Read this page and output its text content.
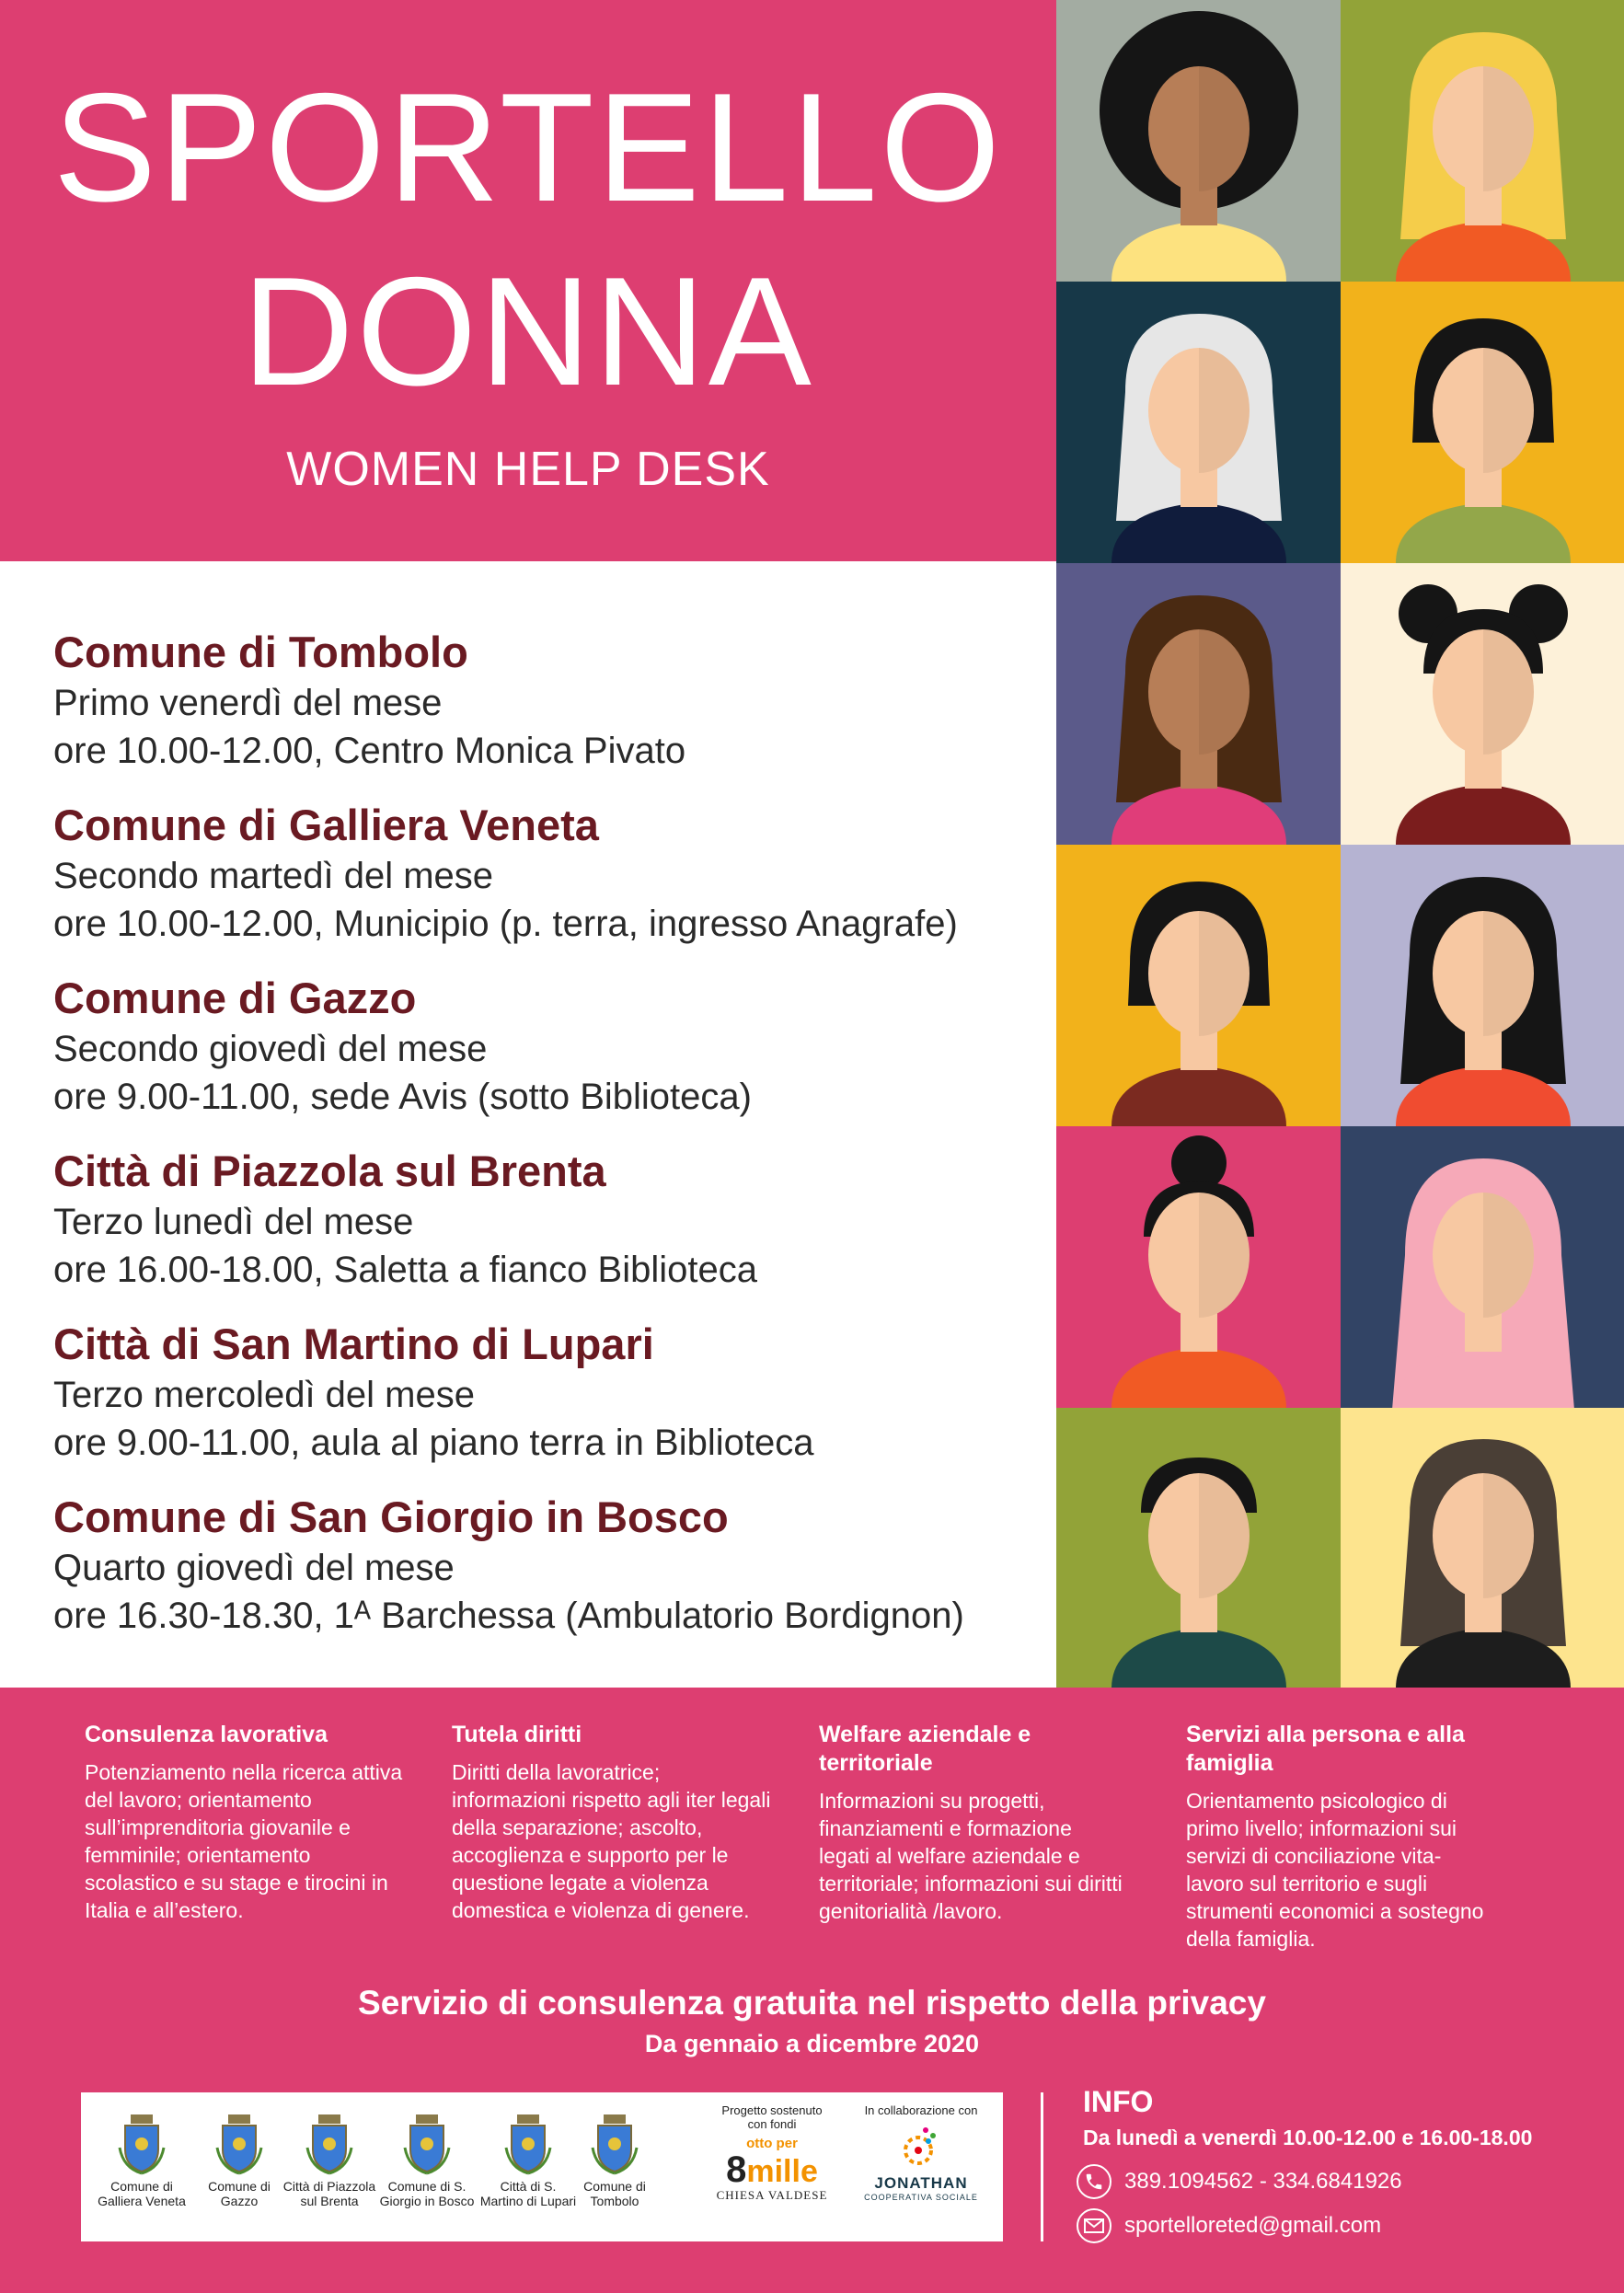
SPORTELLO
DONNA
WOMEN HELP DESK
Comune di Tombolo
Primo venerdì del mese
ore 10.00-12.00, Centro Monica Pivato
Comune di Galliera Veneta
Secondo martedì del mese
ore 10.00-12.00, Municipio (p. terra, ingresso Anagrafe)
Comune di Gazzo
Secondo giovedì del mese
ore 9.00-11.00, sede Avis (sotto Biblioteca)
Città di Piazzola sul Brenta
Terzo lunedì del mese
ore 16.00-18.00, Saletta a fianco Biblioteca
Città di San Martino di Lupari
Terzo mercoledì del mese
ore 9.00-11.00, aula al piano terra in Biblioteca
Comune di San Giorgio in Bosco
Quarto giovedì del mese
ore 16.30-18.30, 1ᴬ Barchessa (Ambulatorio Bordignon)
Consulenza lavorativa
Potenziamento nella ricerca attiva del lavoro; orientamento sull’imprenditoria giovanile e femminile; orientamento scolastico e su stage e tirocini in Italia e all’estero.
Tutela diritti
Diritti della lavoratrice; informazioni rispetto agli iter legali della separazione; ascolto, accoglienza e supporto per le questione legate a violenza domestica e violenza di genere.
Welfare aziendale e territoriale
Informazioni su progetti, finanziamenti e formazione legati al welfare aziendale e territoriale; informazioni sui diritti genitorialità /lavoro.
Servizi alla persona e alla famiglia
Orientamento psicologico di primo livello; informazioni sui servizi di conciliazione vita-lavoro sul territorio e sugli strumenti economici a sostegno della famiglia.
Servizio di consulenza gratuita nel rispetto della privacy
Da gennaio a dicembre 2020
Comune di Galliera Veneta
Comune di Gazzo
Città di Piazzola sul Brenta
Comune di S. Giorgio in Bosco
Città di S. Martino di Lupari
Comune di Tombolo
Progetto sostenuto con fondi
otto per
8mille
CHIESA VALDESE
In collaborazione con
JONATHAN
COOPERATIVA SOCIALE
INFO
Da lunedì a venerdì 10.00-12.00 e 16.00-18.00
389.1094562 - 334.6841926
sportelloreted@gmail.com
